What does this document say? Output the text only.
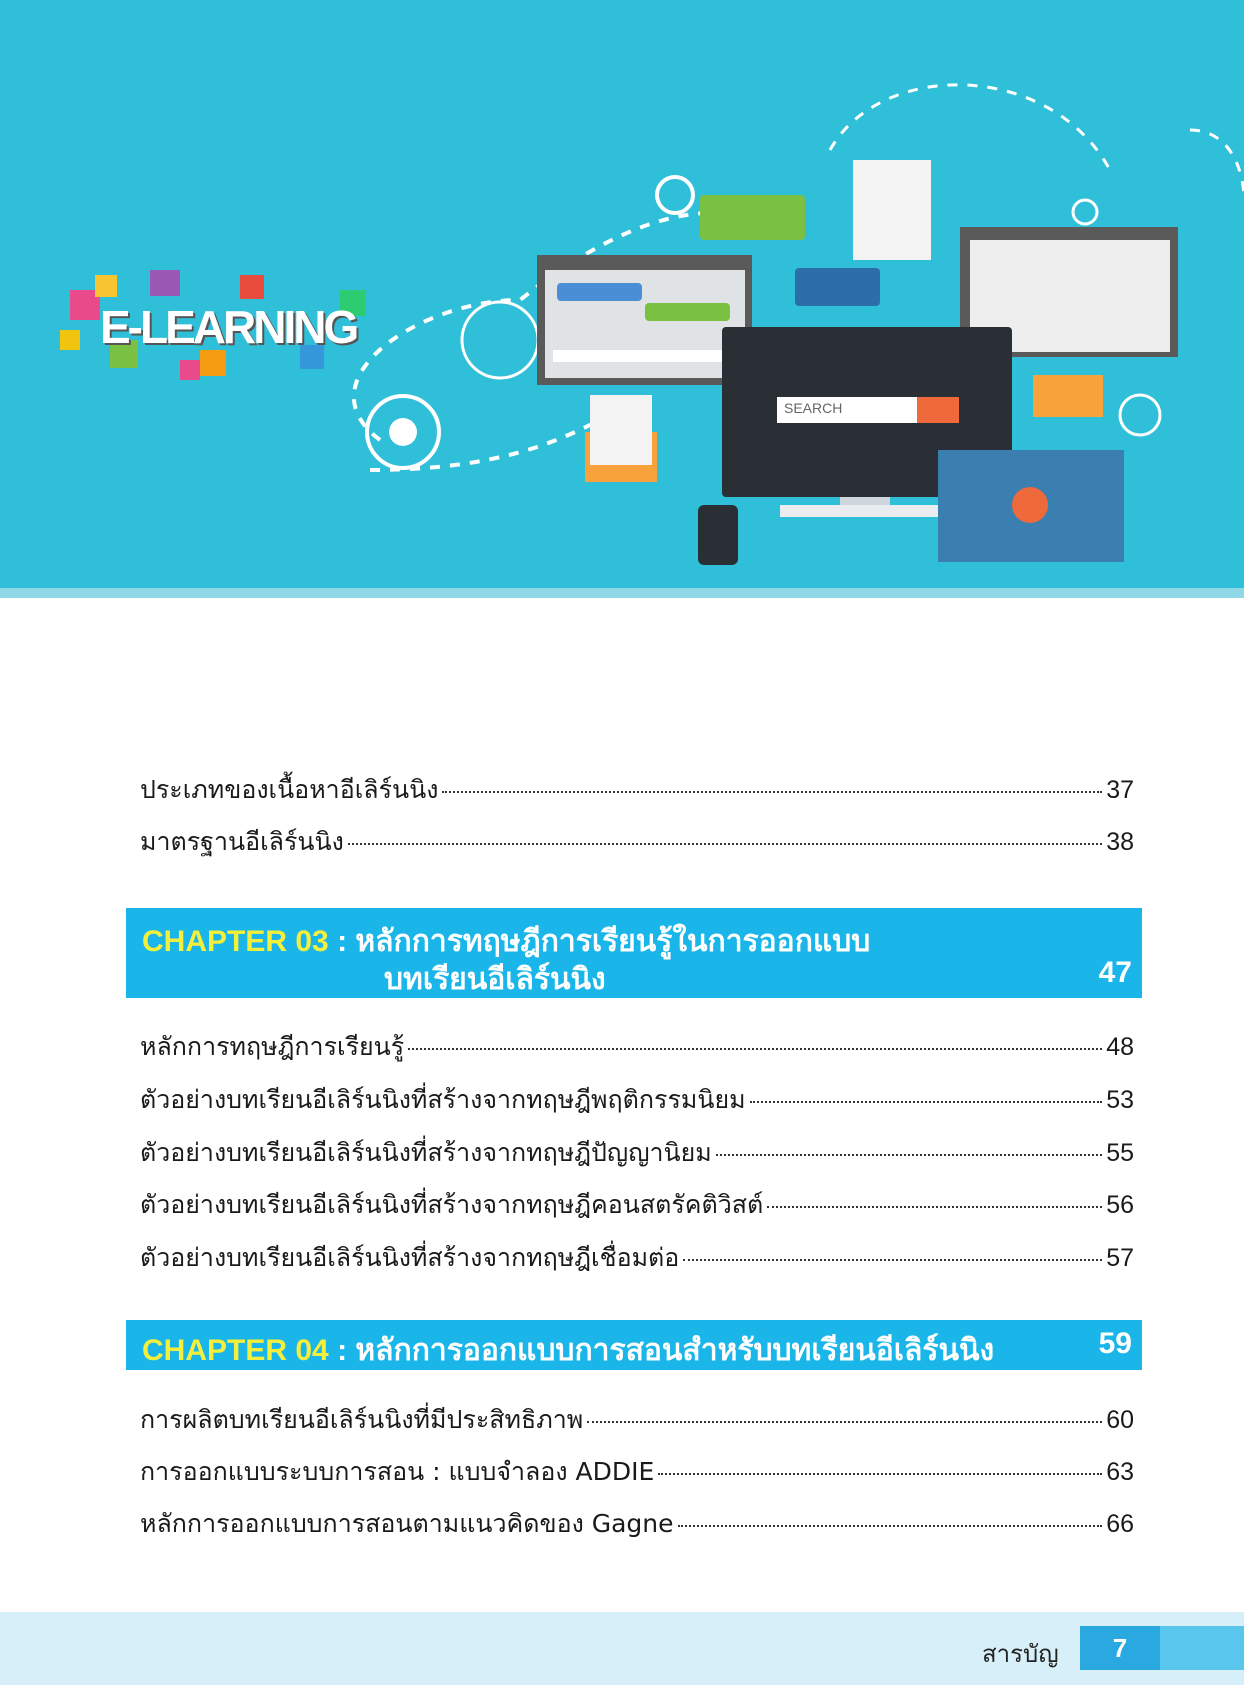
E-LEARNING
SEARCH
ประเภทของเนื้อหาอีเลิร์นนิง	37
มาตรฐานอีเลิร์นนิง	38
CHAPTER 03 : หลักการทฤษฎีการเรียนรู้ในการออกแบบ
บทเรียนอีเลิร์นนิง	47
หลักการทฤษฎีการเรียนรู้	48
ตัวอย่างบทเรียนอีเลิร์นนิงที่สร้างจากทฤษฎีพฤติกรรมนิยม	53
ตัวอย่างบทเรียนอีเลิร์นนิงที่สร้างจากทฤษฎีปัญญานิยม	55
ตัวอย่างบทเรียนอีเลิร์นนิงที่สร้างจากทฤษฎีคอนสตรัคติวิสต์	56
ตัวอย่างบทเรียนอีเลิร์นนิงที่สร้างจากทฤษฎีเชื่อมต่อ	57
CHAPTER 04 : หลักการออกแบบการสอนสำหรับบทเรียนอีเลิร์นนิง	59
การผลิตบทเรียนอีเลิร์นนิงที่มีประสิทธิภาพ	60
การออกแบบระบบการสอน : แบบจำลอง ADDIE	63
หลักการออกแบบการสอนตามแนวคิดของ Gagne	66
สารบัญ	7
